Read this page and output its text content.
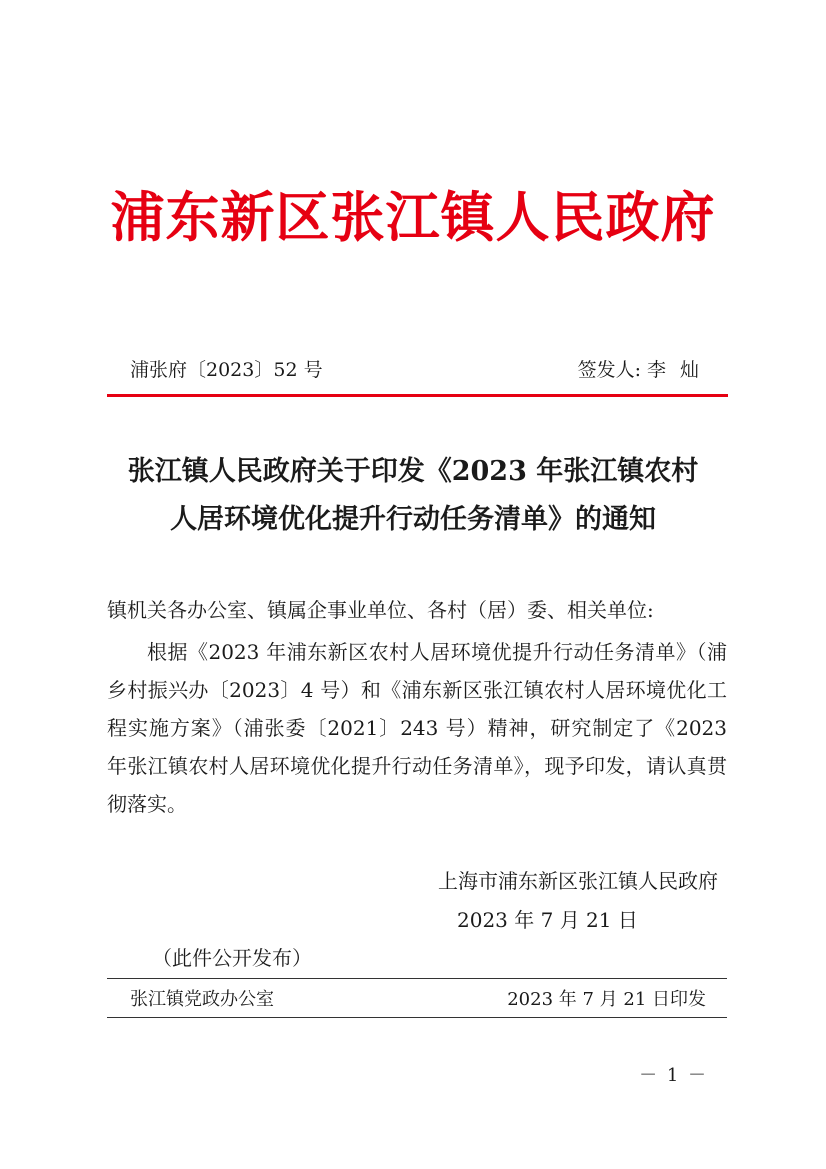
浦东新区张江镇人民政府
浦张府〔2023〕52 号	签发人: 李灿
张江镇人民政府关于印发《2023 年张江镇农村
人居环境优化提升行动任务清单》的通知
镇机关各办公室、镇属企事业单位、各村（居）委、相关单位:
根据《2023 年浦东新区农村人居环境优提升行动任务清单》（浦乡村振兴办〔2023〕4 号）和《浦东新区张江镇农村人居环境优化工程实施方案》（浦张委〔2021〕243 号）精神，研究制定了《2023 年张江镇农村人居环境优化提升行动任务清单》，现予印发，请认真贯彻落实。
上海市浦东新区张江镇人民政府
2023 年 7 月 21 日
（此件公开发布）
张江镇党政办公室	2023 年 7 月 21 日印发
－ 1 －
